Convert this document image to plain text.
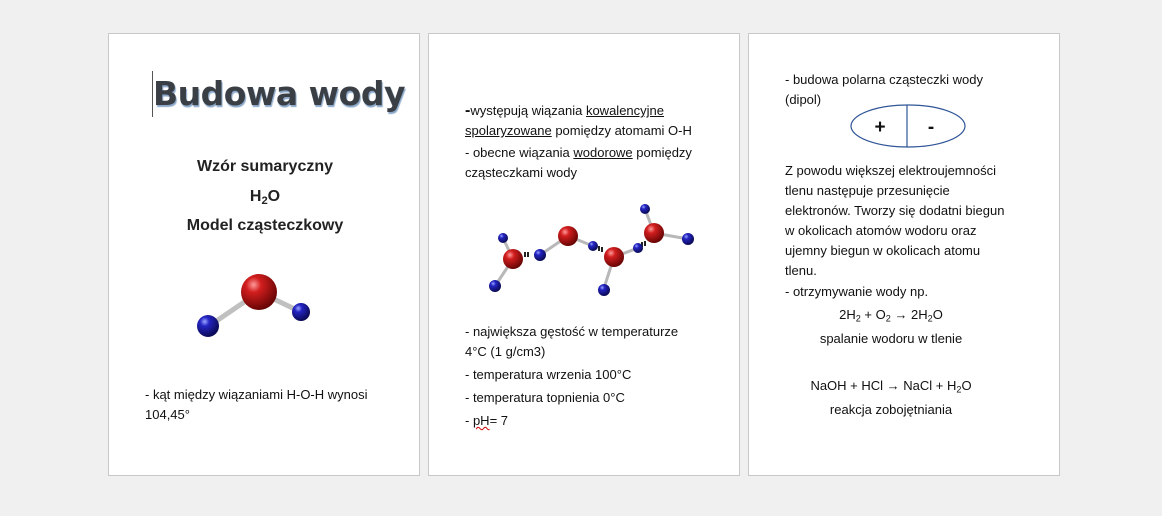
Budowa wody
Wzór sumaryczny
$H_2O$
Model cząsteczkowy
- kąt między wiązaniami H-O-H wynosi
104,45°
-występują wiązania kowalencyjne
spolaryzowane pomiędzy atomami O-H
- obecne wiązania wodorowe pomiędzy
cząsteczkami wody
- największa gęstość w temperaturze
4°C (1 g/cm3)
- temperatura wrzenia 100°C
- temperatura topnienia 0°C
- pH= 7
- budowa polarna cząsteczki wody
(dipol)
+ -
Z powodu większej elektroujemności
tlenu następuje przesunięcie
elektronów. Tworzy się dodatni biegun
w okolicach atomów wodoru oraz
ujemny biegun w okolicach atomu
tlenu.
- otrzymywanie wody np.
$2H_2 + O_2 \to 2H_2O$
spalanie wodoru w tlenie
NaOH + HCl → NaCl + $H_2O$
reakcja zobojętniania
